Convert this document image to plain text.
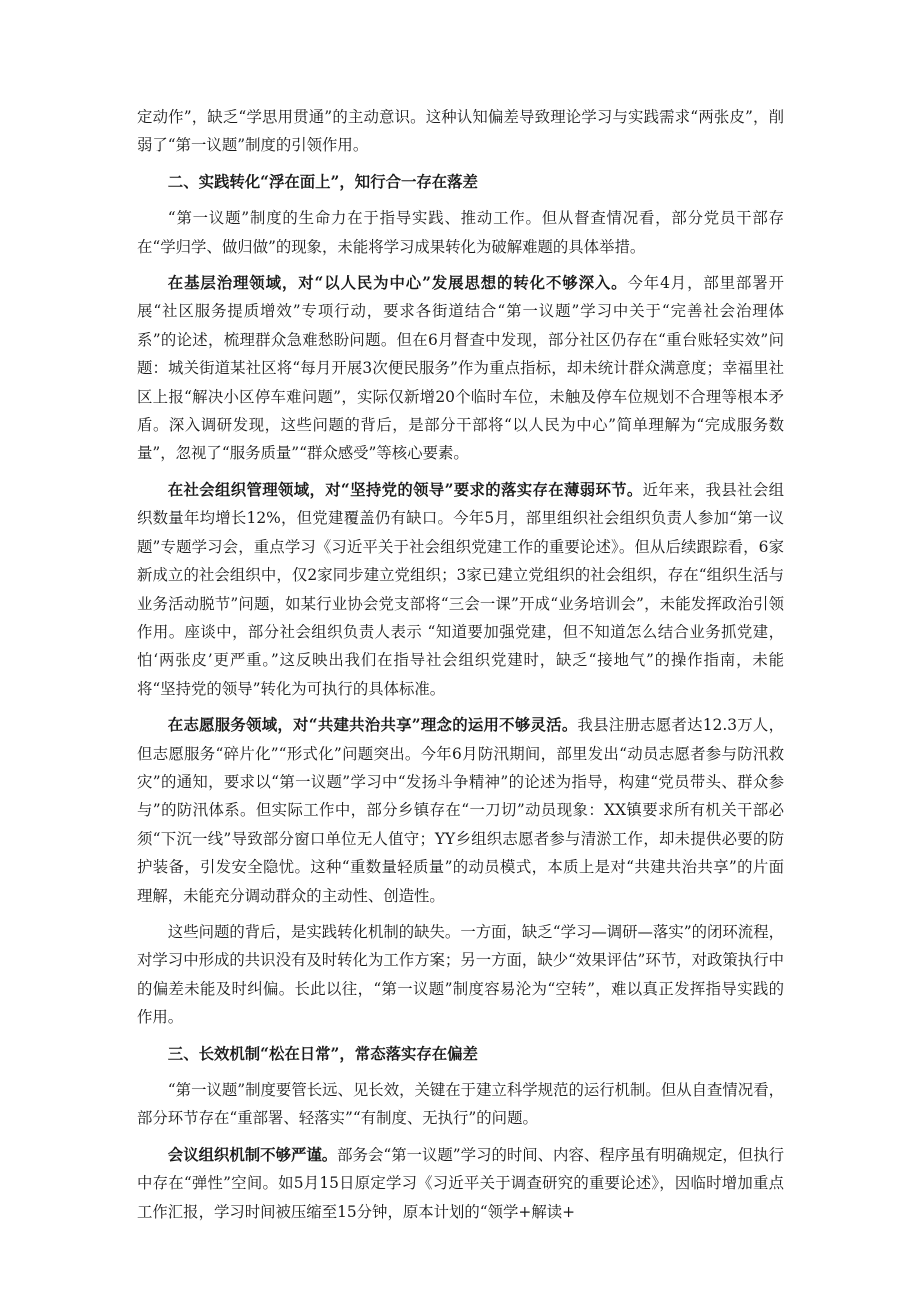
定动作”，缺乏“学思用贯通”的主动意识。这种认知偏差导致理论学习与实践需求“两张皮”，削弱了“第一议题”制度的引领作用。

二、实践转化“浮在面上”，知行合一存在落差

“第一议题”制度的生命力在于指导实践、推动工作。但从督查情况看，部分党员干部存在“学归学、做归做”的现象，未能将学习成果转化为破解难题的具体举措。

在基层治理领域，对“以人民为中心”发展思想的转化不够深入。今年4月，部里部署开展“社区服务提质增效”专项行动，要求各街道结合“第一议题”学习中关于“完善社会治理体系”的论述，梳理群众急难愁盼问题。但在6月督查中发现，部分社区仍存在“重台账轻实效”问题：城关街道某社区将“每月开展3次便民服务”作为重点指标，却未统计群众满意度；幸福里社区上报“解决小区停车难问题”，实际仅新增20个临时车位，未触及停车位规划不合理等根本矛盾。深入调研发现，这些问题的背后，是部分干部将“以人民为中心”简单理解为“完成服务数量”，忽视了“服务质量”“群众感受”等核心要素。

在社会组织管理领域，对“坚持党的领导”要求的落实存在薄弱环节。近年来，我县社会组织数量年均增长12%，但党建覆盖仍有缺口。今年5月，部里组织社会组织负责人参加“第一议题”专题学习会，重点学习《习近平关于社会组织党建工作的重要论述》。但从后续跟踪看，6家新成立的社会组织中，仅2家同步建立党组织；3家已建立党组织的社会组织，存在“组织生活与业务活动脱节”问题，如某行业协会党支部将“三会一课”开成“业务培训会”，未能发挥政治引领作用。座谈中，部分社会组织负责人表示 “知道要加强党建，但不知道怎么结合业务抓党建，怕‘两张皮’更严重。”这反映出我们在指导社会组织党建时，缺乏“接地气”的操作指南，未能将“坚持党的领导”转化为可执行的具体标准。

在志愿服务领域，对“共建共治共享”理念的运用不够灵活。我县注册志愿者达12.3万人，但志愿服务“碎片化”“形式化”问题突出。今年6月防汛期间，部里发出“动员志愿者参与防汛救灾”的通知，要求以“第一议题”学习中“发扬斗争精神”的论述为指导，构建“党员带头、群众参与”的防汛体系。但实际工作中，部分乡镇存在“一刀切”动员现象：XX镇要求所有机关干部必须“下沉一线”导致部分窗口单位无人值守；YY乡组织志愿者参与清淤工作，却未提供必要的防护装备，引发安全隐忧。这种“重数量轻质量”的动员模式，本质上是对“共建共治共享”的片面理解，未能充分调动群众的主动性、创造性。

这些问题的背后，是实践转化机制的缺失。一方面，缺乏“学习—调研—落实”的闭环流程，对学习中形成的共识没有及时转化为工作方案；另一方面，缺少“效果评估”环节，对政策执行中的偏差未能及时纠偏。长此以往，“第一议题”制度容易沦为“空转”，难以真正发挥指导实践的作用。

三、长效机制“松在日常”，常态落实存在偏差

“第一议题”制度要管长远、见长效，关键在于建立科学规范的运行机制。但从自查情况看，部分环节存在“重部署、轻落实”“有制度、无执行”的问题。

会议组织机制不够严谨。部务会“第一议题”学习的时间、内容、程序虽有明确规定，但执行中存在“弹性”空间。如5月15日原定学习《习近平关于调查研究的重要论述》，因临时增加重点工作汇报，学习时间被压缩至15分钟，原本计划的“领学+解读+
